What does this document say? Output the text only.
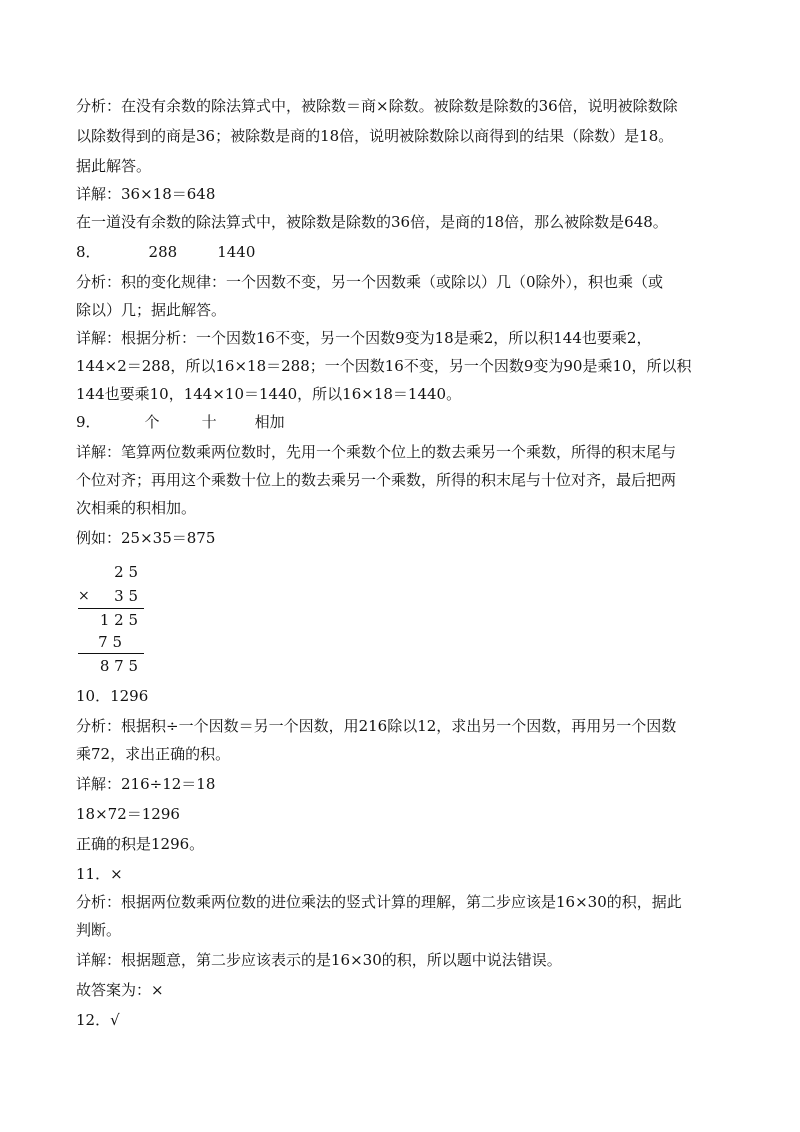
分析：在没有余数的除法算式中，被除数＝商×除数。被除数是除数的36倍，说明被除数除
以除数得到的商是36；被除数是商的18倍，说明被除数除以商得到的结果（除数）是18。
据此解答。
详解：36×18＝648
在一道没有余数的除法算式中，被除数是除数的36倍，是商的18倍，那么被除数是648。
8．	288	1440
分析：积的变化规律：一个因数不变，另一个因数乘（或除以）几（0除外），积也乘（或
除以）几；据此解答。
详解：根据分析：一个因数16不变，另一个因数9变为18是乘2，所以积144也要乘2，
144×2＝288，所以16×18＝288；一个因数16不变，另一个因数9变为90是乘10，所以积
144也要乘10，144×10＝1440，所以16×18＝1440。
9．	个	十	相加
详解：笔算两位数乘两位数时，先用一个乘数个位上的数去乘另一个乘数，所得的积末尾与
个位对齐；再用这个乘数十位上的数去乘另一个乘数，所得的积末尾与十位对齐，最后把两
次相乘的积相加。
例如：25×35＝875
2 5
× 3 5
1 2 5
7 5
8 7 5
10．1296
分析：根据积÷一个因数＝另一个因数，用216除以12，求出另一个因数，再用另一个因数
乘72，求出正确的积。
详解：216÷12＝18
18×72＝1296
正确的积是1296。
11．×
分析：根据两位数乘两位数的进位乘法的竖式计算的理解，第二步应该是16×30的积，据此
判断。
详解：根据题意，第二步应该表示的是16×30的积，所以题中说法错误。
故答案为：×
12．√
